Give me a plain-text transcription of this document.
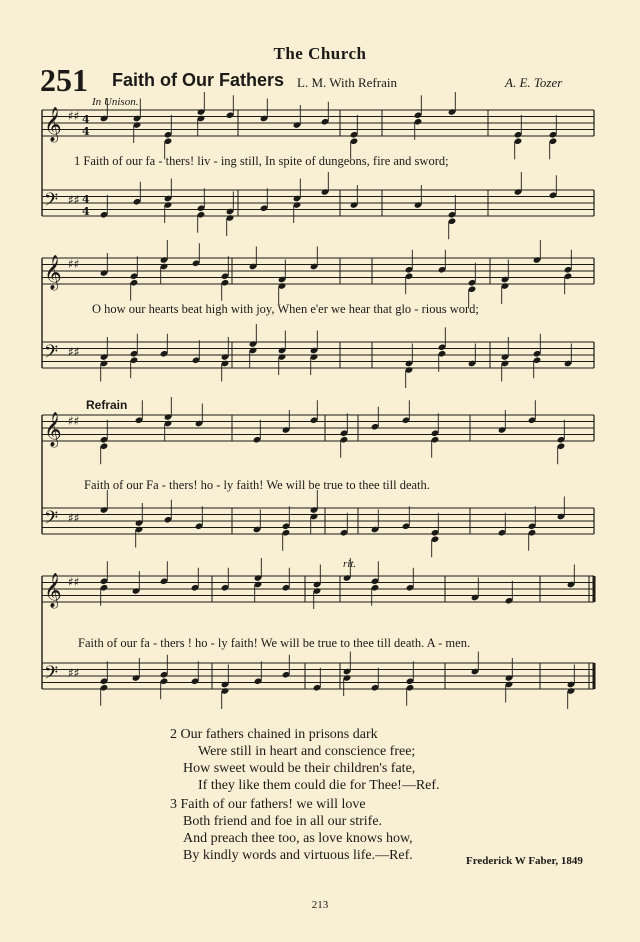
𝄞 ♯♯ 4
4
𝄢 ♯♯ 4
4
𝄞 ♯♯
𝄢 ♯♯
𝄞 ♯♯
𝄢 ♯♯
𝄞 ♯♯
𝄢 ♯♯
The Church
251 Faith of Our Fathers L. M. With Refrain	A. E. Tozer
In Unison.
Refrain
rit.
1 Faith of our fa - thers! liv - ing still, In spite of dungeons, fire and sword;
O how our hearts beat high with joy, When e'er we hear that glo - rious word;
Faith of our Fa - thers! ho - ly faith! We will be true to thee till death.
Faith of our fa - thers ! ho - ly faith! We will be true to thee till death. A - men.
2 Our fathers chained in prisons dark
Were still in heart and conscience free;
How sweet would be their children's fate,
If they like them could die for Thee!—Ref.
3 Faith of our fathers! we will love
Both friend and foe in all our strife.
And preach thee too, as love knows how,
By kindly words and virtuous life.—Ref.	Frederick W Faber, 1849
213
